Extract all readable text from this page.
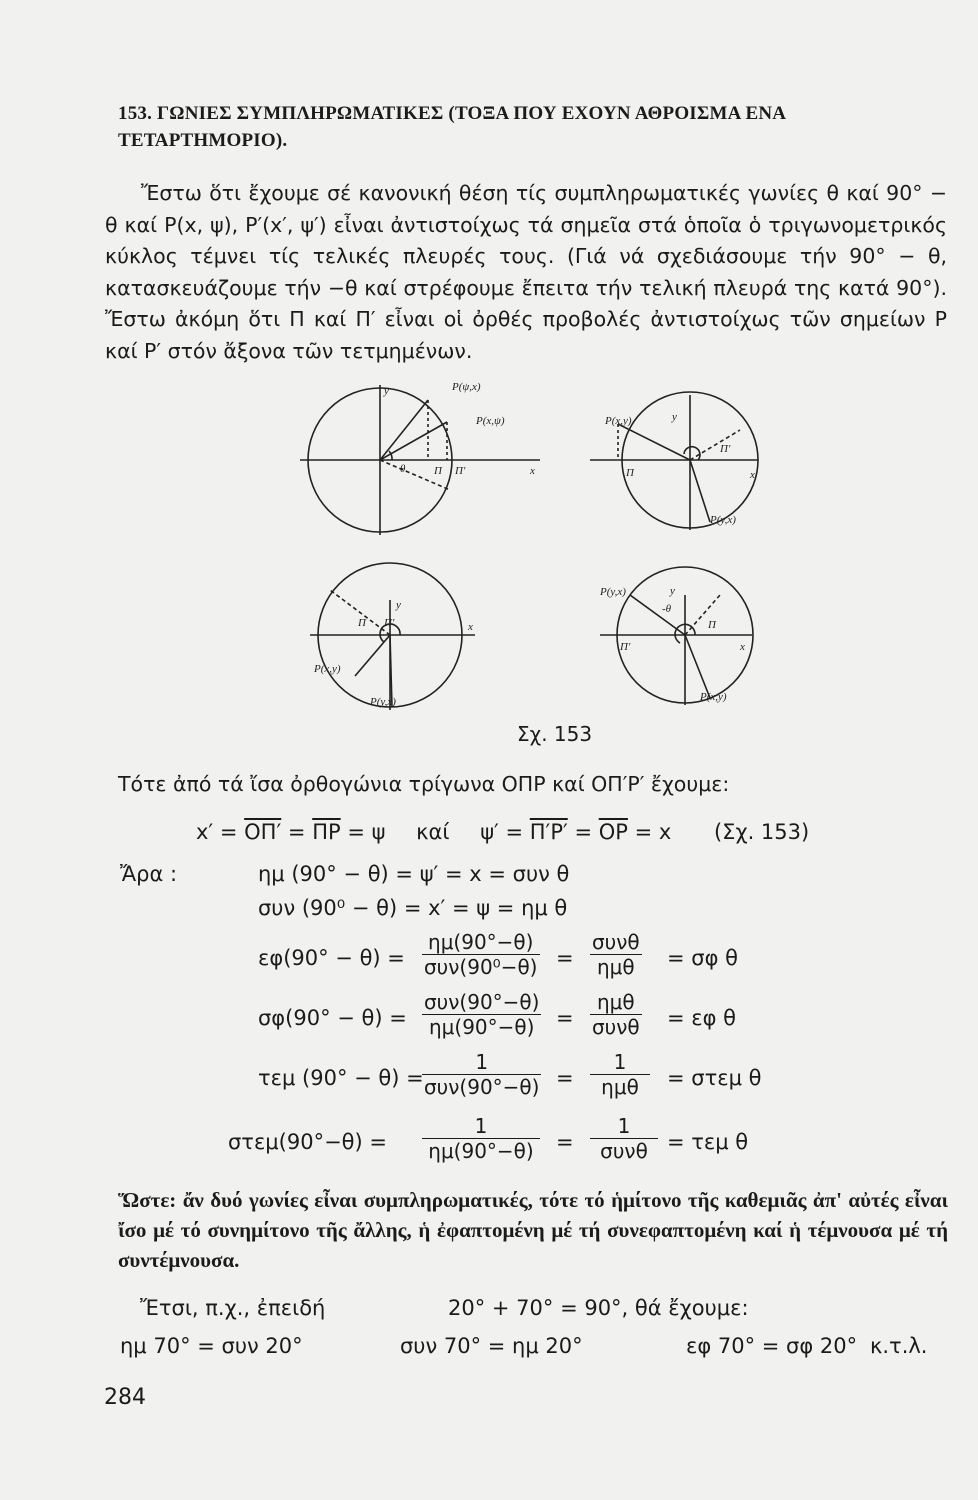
153. ΓΩΝΙΕΣ ΣΥΜΠΛΗΡΩΜΑΤΙΚΕΣ (ΤΟΞΑ ΠΟΥ ΕΧΟΥΝ ΑΘΡΟΙΣΜΑ ΕΝΑ ΤΕΤΑΡΤΗΜΟΡΙΟ).

Ἔστω ὅτι ἔχουμε σέ κανονική θέση τίς συμπληρωματικές γωνίες θ καί 90° − θ καί P(x, ψ), P′(x′, ψ′) εἶναι ἀντιστοίχως τά σημεῖα στά ὁποῖα ὁ τριγωνομετρικός κύκλος τέμνει τίς τελικές πλευρές τους. (Γιά νά σχεδιάσουμε τήν 90° − θ, κατασκευάζουμε τήν −θ καί στρέφουμε ἔπειτα τήν τελική πλευρά της κατά 90°). Ἔστω ἀκόμη ὅτι Π καί Π′ εἶναι οἱ ὀρθές προβολές ἀντιστοίχως τῶν σημείων P καί P′ στόν ἄξονα τῶν τετμημένων.

P(ψ,x)
P(x,ψ)
y
x
θ	Π Π′
P(x,y)
P(y,x)
y
x
Π
Π′
P(x,y)
P(y,x)
y
x
Π Π′
P(y,x)
P(x,y)
y
x
Π′
Π
-θ
Σχ. 153
Τότε ἀπό τά ἴσα ὀρθογώνια τρίγωνα ΟΠΡ καί ΟΠ′Ρ′ ἔχουμε:
$x' = O\Pi' = \overline{\Pi P} = \psi$ καί $\psi' = \Pi'P' = \overline{OP} = x$ (Σχ. 153)
Ἄρα :	ημ (90° − θ) = ψ′ = x = συν θ
συν (90⁰ − θ) = x′ = ψ = ημ θ
εφ(90° − θ) =
ημ(90°−θ)
συν(90⁰−θ) =
συνθ
ημθ	= σφ θ
σφ(90° − θ) =
συν(90°−θ)
ημ(90°−θ)	=
ημθ
συνθ = εφ θ
τεμ (90° − θ) =
1
συν(90°−θ) =
1
ημθ	= στεμ θ
$\sigma\tau\varepsilon\mu(90^\circ-\theta) = \frac{1}{\eta\mu(90^\circ-\theta)}$ =
1
συνθ = τεμ θ

Ὥστε: ἄν δυό γωνίες εἶναι συμπληρωματικές, τότε τό ἡμίτονο τῆς καθεμιᾶς ἀπ' αὐτές εἶναι ἴσο μέ τό συνημίτονο τῆς ἄλλης, ἡ ἐφαπτομένη μέ τή συνεφαπτομένη καί ἡ τέμνουσα μέ τή συντέμνουσα.

Ἔτσι, π.χ., ἐπειδή	20° + 70° = 90°, θά ἔχουμε:
ημ 70° = συν 20°	συν 70° = ημ 20°	εφ 70° = σφ 20° κ.τ.λ.
284
